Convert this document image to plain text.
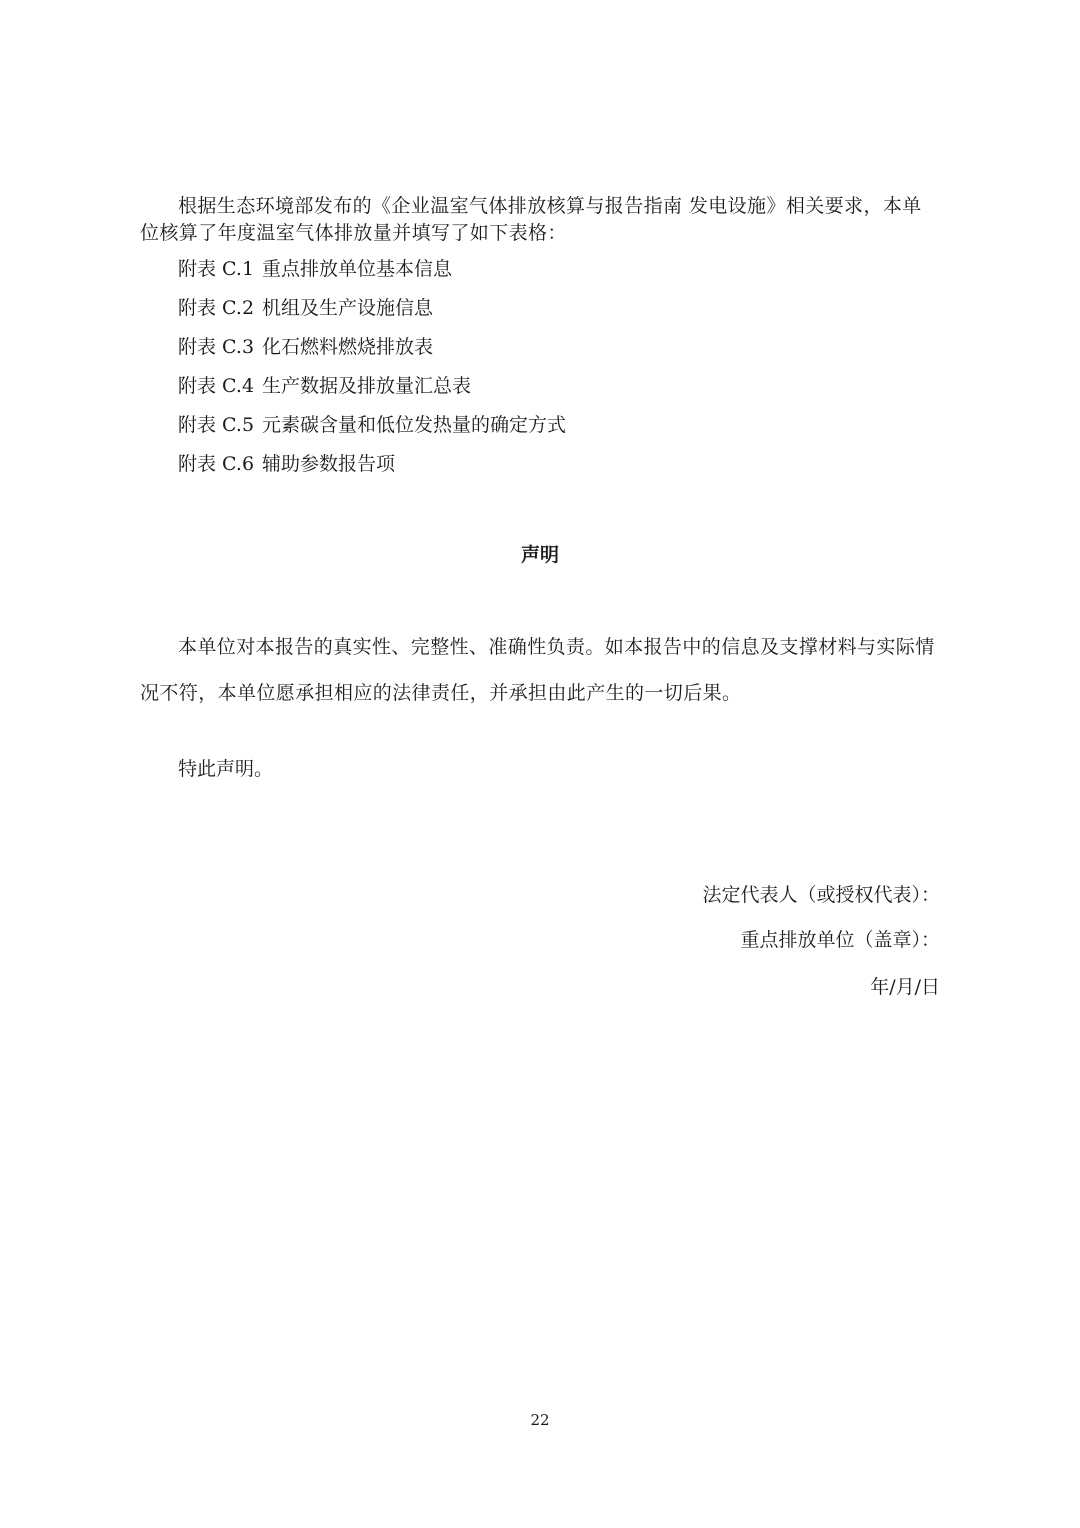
根据生态环境部发布的《企业温室气体排放核算与报告指南 发电设施》相关要求，本单位核算了年度温室气体排放量并填写了如下表格：

附表 C.1 重点排放单位基本信息
附表 C.2 机组及生产设施信息
附表 C.3 化石燃料燃烧排放表
附表 C.4 生产数据及排放量汇总表
附表 C.5 元素碳含量和低位发热量的确定方式
附表 C.6 辅助参数报告项
声明

本单位对本报告的真实性、完整性、准确性负责。如本报告中的信息及支撑材料与实际情况不符，本单位愿承担相应的法律责任，并承担由此产生的一切后果。

特此声明。

法定代表人（或授权代表）：

重点排放单位（盖章）：

年/月/日

22
